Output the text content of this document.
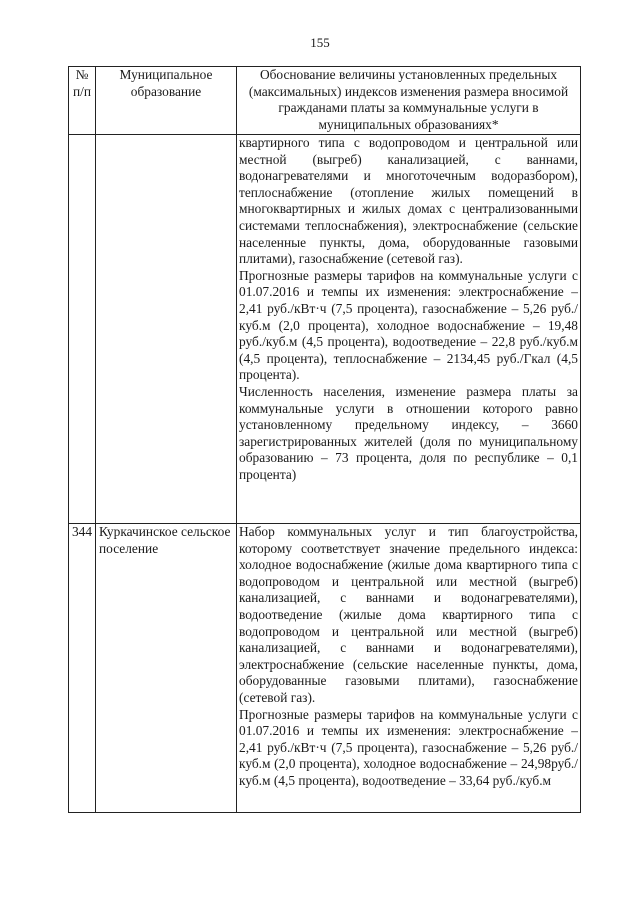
155
№ п/п	Муниципальное образование	Обоснование величины установленных предельных (максимальных) индексов изменения размера вносимой гражданами платы за коммунальные услуги в муниципальных образованиях*

		квартирного типа с водопроводом и центральной или местной (выгреб) канализацией, с ваннами, водонагревателями и многоточечным водоразбором), теплоснабжение (отопление жилых помещений в многоквартирных и жилых домах с централизованными системами теплоснабжения), электроснабжение (сельские населенные пункты, дома, оборудованные газовыми плитами), газоснабжение (сетевой газ).

Прогнозные размеры тарифов на коммунальные услуги с 01.07.2016 и темпы их изменения: электроснабжение – 2,41 руб./кВт·ч (7,5 процента), газоснабжение – 5,26 руб./куб.м (2,0 процента), холодное водоснабжение – 19,48 руб./куб.м (4,5 процента), водоотведение – 22,8 руб./куб.м (4,5 процента), теплоснабжение – 2134,45 руб./Гкал (4,5 процента).

Численность населения, изменение размера платы за коммунальные услуги в отношении которого равно установленному предельному индексу, – 3660 зарегистрированных жителей (доля по муниципальному образованию – 73 процента, доля по республике – 0,1 процента)

344	Куркачинское сельское поселение	Набор коммунальных услуг и тип благоустройства, которому соответствует значение предельного индекса: холодное водоснабжение (жилые дома квартирного типа с водопроводом и центральной или местной (выгреб) канализацией, с ваннами и водонагревателями), водоотведение (жилые дома квартирного типа с водопроводом и центральной или местной (выгреб) канализацией, с ваннами и водонагревателями), электроснабжение (сельские населенные пункты, дома, оборудованные газовыми плитами), газоснабжение (сетевой газ).

Прогнозные размеры тарифов на коммунальные услуги с 01.07.2016 и темпы их изменения: электроснабжение – 2,41 руб./кВт·ч (7,5 процента), газоснабжение – 5,26 руб./куб.м (2,0 процента), холодное водоснабжение – 24,98руб./куб.м (4,5 процента), водоотведение – 33,64 руб./куб.м
